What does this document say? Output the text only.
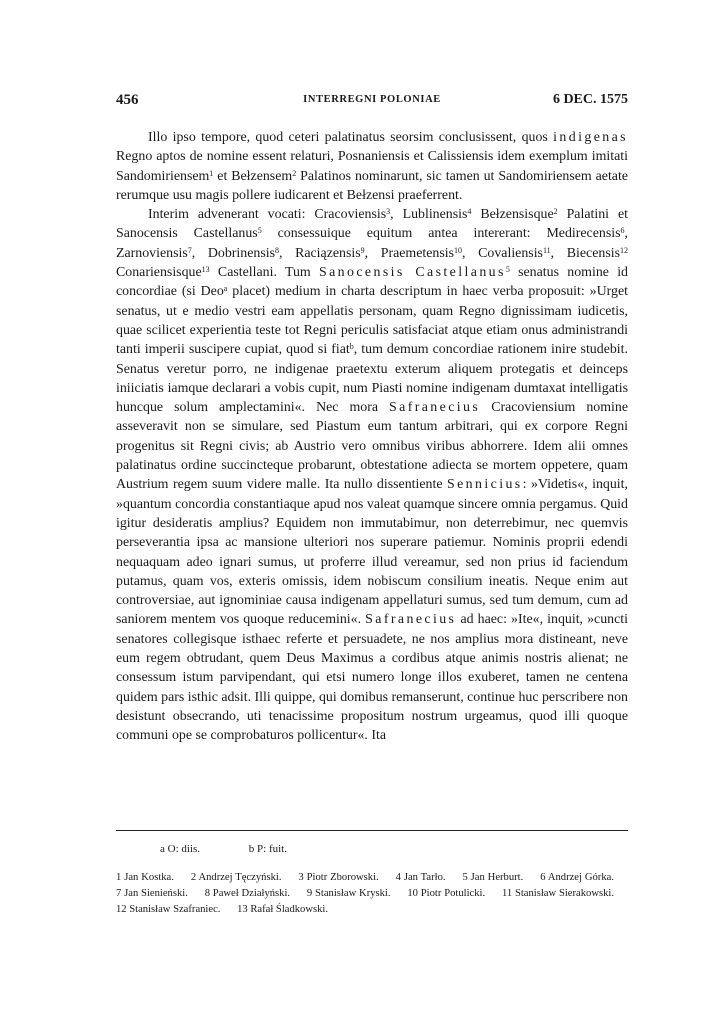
456	INTERREGNI POLONIAE	6 DEC. 1575

Illo ipso tempore, quod ceteri palatinatus seorsim conclusissent, quos indigenas Regno aptos de nomine essent relaturi, Posnaniensis et Calissiensis idem exemplum imitati Sandomiriensem$^1$ et Bełzensem$^2$ Palatinos nominarunt, sic tamen ut Sandomiriensem aetate rerumque usu magis pollere iudicarent et Bełzensi praeferrent.

Interim advenerant vocati: Cracoviensis$^3$, Lublinensis$^4$ Bełzensisque$^2$ Palatini et Sanocensis Castellanus$^5$ consessuique equitum antea intererant: Medirecensis$^6$, Zarnoviensis$^7$, Dobrinensis$^8$, Raciązensis$^9$, Praemetensis$^{10}$, Covaliensis$^{11}$, Biecensis$^{12}$ Conariensisque$^{13}$ Castellani. Tum Sanocensis Castellanus$^5$ senatus nomine id concordiae (si Deo$^a$ placet) medium in charta descriptum in haec verba proposuit: »Urget senatus, ut e medio vestri eam appellatis personam, quam Regno dignissimam iudicetis, quae scilicet experientia teste tot Regni periculis satisfaciat atque etiam onus administrandi tanti imperii suscipere cupiat, quod si fiat$^b$, tum demum concordiae rationem inire studebit. Senatus veretur porro, ne indigenae praetextu exterum aliquem protegatis et deinceps iniiciatis iamque declarari a vobis cupit, num Piasti nomine indigenam dumtaxat intelligatis huncque solum amplectamini«. Nec mora Safranecius Cracoviensium nomine asseveravit non se simulare, sed Piastum eum tantum arbitrari, qui ex corpore Regni progenitus sit Regni civis; ab Austrio vero omnibus viribus abhorrere. Idem alii omnes palatinatus ordine succincteque probarunt, obtestatione adiecta se mortem oppetere, quam Austrium regem suum videre malle. Ita nullo dissentiente Sennicius: »Videtis«, inquit, »quantum concordia constantiaque apud nos valeat quamque sincere omnia pergamus. Quid igitur desideratis amplius? Equidem non immutabimur, non deterrebimur, nec quemvis perseverantia ipsa ac mansione ulteriori nos superare patiemur. Nominis proprii edendi nequaquam adeo ignari sumus, ut proferre illud vereamur, sed non prius id faciendum putamus, quam vos, exteris omissis, idem nobiscum consilium ineatis. Neque enim aut controversiae, aut ignominiae causa indigenam appellaturi sumus, sed tum demum, cum ad saniorem mentem vos quoque reducemini«. Safranecius ad haec: »Ite«, inquit, »cuncti senatores collegisque isthaec referte et persuadete, ne nos amplius mora distineant, neve eum regem obtrudant, quem Deus Maximus a cordibus atque animis nostris alienat; ne consessum istum parvipendant, qui etsi numero longe illos exuberet, tamen ne centena quidem pars isthic adsit. Illi quippe, qui domibus remanserunt, continue huc perscribere non desistunt obsecrando, uti tenacissime propositum nostrum urgeamus, quod illi quoque communi ope se comprobaturos pollicentur«. Ita

a O: diis.	b P: fuit.
1 Jan Kostka. 2 Andrzej Tęczyński. 3 Piotr Zborowski. 4 Jan Tarło. 5 Jan Herburt. 6 Andrzej Górka. 7 Jan Sienieński. 8 Paweł Działyński. 9 Stanisław Kryski. 10 Piotr Potulicki. 11 Stanisław Sierakowski. 12 Stanisław Szafraniec. 13 Rafał Śladkowski.
